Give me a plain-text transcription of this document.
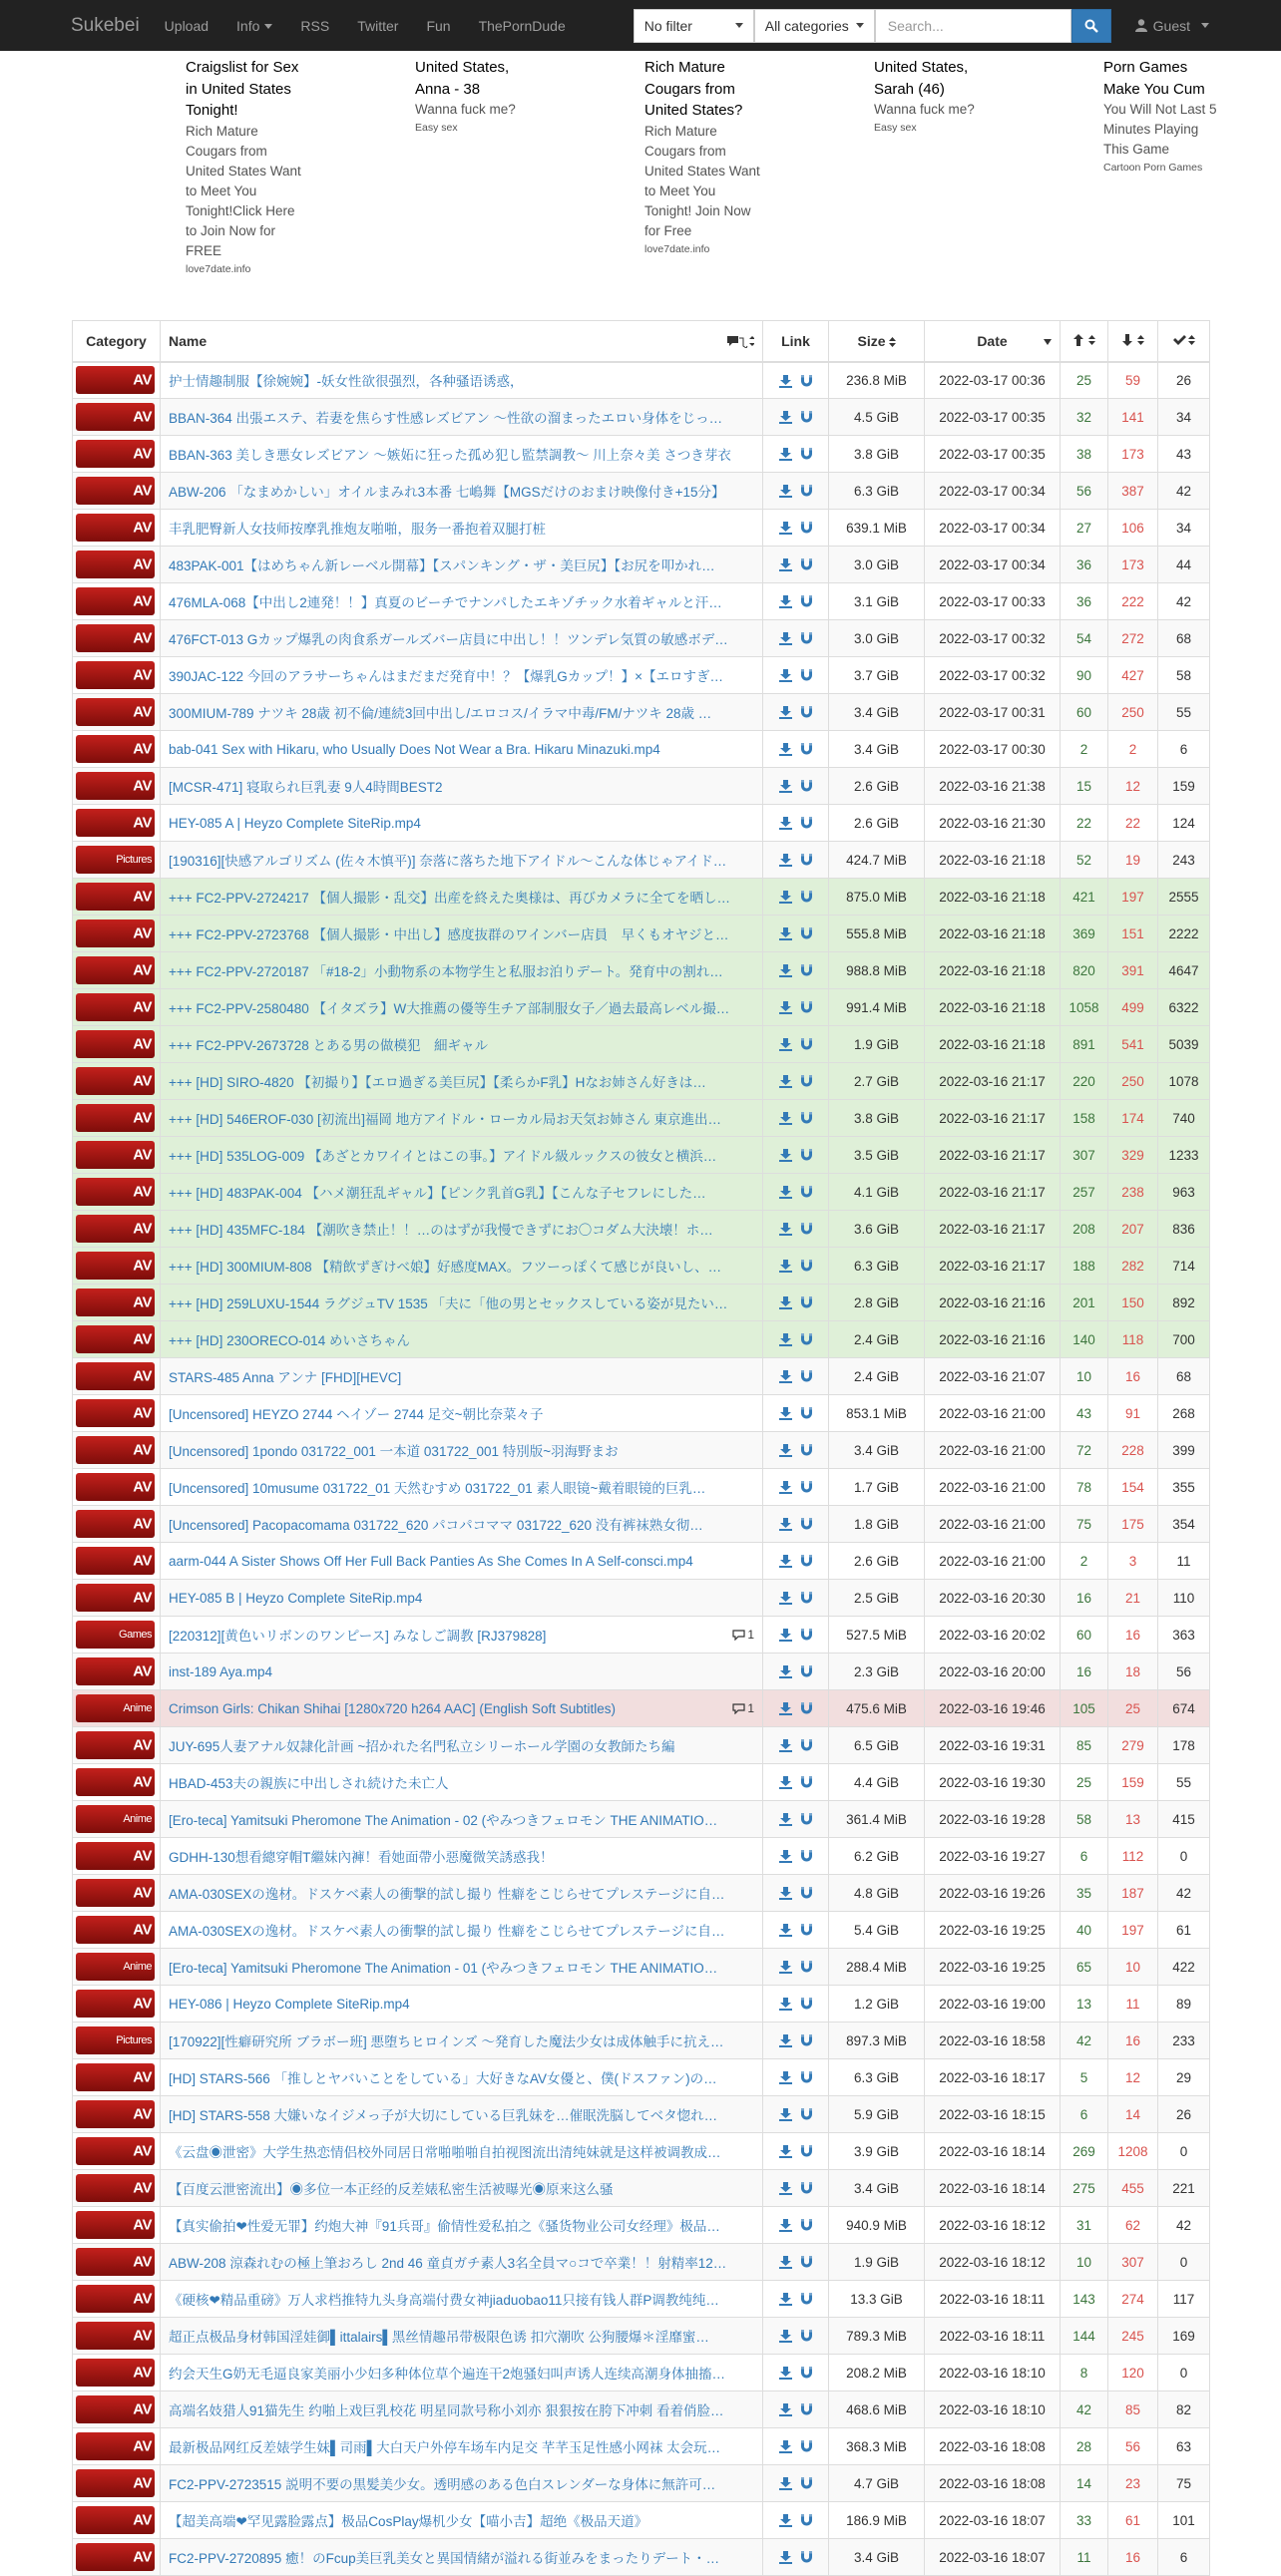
Sukebei Upload Info	RSS Twitter Fun ThePornDude	No filter	All categories	Search...	Guest
Craigslist for Sex in United States Tonight!
Rich Mature Cougars from United States Want to Meet You Tonight!Click Here to Join Now for FREE
love7date.info
United States, Anna - 38
Wanna fuck me?
Easy sex
Rich Mature Cougars from United States?
Rich Mature Cougars from United States Want to Meet You Tonight! Join Now for Free
love7date.info
United States, Sarah (46)
Wanna fuck me?
Easy sex
Porn Games Make You Cum
You Will Not Last 5 Minutes Playing This Game
Cartoon Porn Games
Category	Name	Link	Size	Date

AV	护士情趣制服【徐婉婉】-妖女性欲很强烈，各种骚语诱惑，		236.8 MiB	2022-03-17 00:36	25	59	26

AV	BBAN-364 出張エステ、若妻を焦らす性感レズビアン ～性欲の溜まったエロい身体をじっ…		4.5 GiB	2022-03-17 00:35	32	141	34

AV	BBAN-363 美しき悪女レズビアン ～嫉妬に狂った孤め犯し監禁調教～ 川上奈々美 さつき芽衣		3.8 GiB	2022-03-17 00:35	38	173	43

AV	ABW-206 「なまめかしい」オイルまみれ3本番 七嶋舞【MGSだけのおまけ映像付き+15分】		6.3 GiB	2022-03-17 00:34	56	387	42

AV	丰乳肥臀新人女技师按摩乳推炮友啪啪，服务一番抱着双腿打桩		639.1 MiB	2022-03-17 00:34	27	106	34

AV	483PAK-001【はめちゃん新レーベル開幕】【スパンキング・ザ・美巨尻】【お尻を叩かれ…		3.0 GiB	2022-03-17 00:34	36	173	44

AV	476MLA-068【中出し2連発！！】真夏のビーチでナンパしたエキゾチック水着ギャルと汗…		3.1 GiB	2022-03-17 00:33	36	222	42

AV	476FCT-013 Gカップ爆乳の肉食系ガールズバー店員に中出し！！ツンデレ気質の敏感ボデ…		3.0 GiB	2022-03-17 00:32	54	272	68

AV	390JAC-122 今回のアラサーちゃんはまだまだ発育中！？【爆乳Gカップ！】×【エロすぎ…		3.7 GiB	2022-03-17 00:32	90	427	58

AV	300MIUM-789 ナツキ 28歳 初不倫/連続3回中出し/エロコス/イラマ中毒/FM/ナツキ 28歳 …		3.4 GiB	2022-03-17 00:31	60	250	55

AV	bab-041 Sex with Hikaru, who Usually Does Not Wear a Bra. Hikaru Minazuki.mp4		3.4 GiB	2022-03-17 00:30	2	2	6

AV	[MCSR-471] 寝取られ巨乳妻 9人4時間BEST2		2.6 GiB	2022-03-16 21:38	15	12	159

AV	HEY-085 A | Heyzo Complete SiteRip.mp4		2.6 GiB	2022-03-16 21:30	22	22	124

Pictures	[190316][快感アルゴリズム (佐々木慎平)] 奈落に落ちた地下アイドル～こんな体じゃアイド…		424.7 MiB	2022-03-16 21:18	52	19	243

AV	+++ FC2-PPV-2724217 【個人撮影・乱交】出産を終えた奥様は、再びカメラに全てを晒し…		875.0 MiB	2022-03-16 21:18	421	197	2555

AV	+++ FC2-PPV-2723768 【個人撮影・中出し】感度抜群のワインバー店員　早くもオヤジと…		555.8 MiB	2022-03-16 21:18	369	151	2222

AV	+++ FC2-PPV-2720187 「#18-2」小動物系の本物学生と私服お泊りデート。発育中の割れ…		988.8 MiB	2022-03-16 21:18	820	391	4647

AV	+++ FC2-PPV-2580480 【イタズラ】W大推薦の優等生チア部制服女子／過去最高レベル撮…		991.4 MiB	2022-03-16 21:18	1058	499	6322

AV	+++ FC2-PPV-2673728 とある男の做模犯　細ギャル		1.9 GiB	2022-03-16 21:18	891	541	5039

AV	+++ [HD] SIRO-4820 【初撮り】【エロ過ぎる美巨尻】【柔らかF乳】Hなお姉さん好きは…		2.7 GiB	2022-03-16 21:17	220	250	1078

AV	+++ [HD] 546EROF-030 [初流出]福岡 地方アイドル・ローカル局お天気お姉さん 東京進出…		3.8 GiB	2022-03-16 21:17	158	174	740

AV	+++ [HD] 535LOG-009 【あざとカワイイとはこの事。】アイドル級ルックスの彼女と横浜…		3.5 GiB	2022-03-16 21:17	307	329	1233

AV	+++ [HD] 483PAK-004 【ハメ潮狂乱ギャル】【ピンク乳首G乳】【こんな子セフレにした…		4.1 GiB	2022-03-16 21:17	257	238	963

AV	+++ [HD] 435MFC-184 【潮吹き禁止！！…のはずが我慢できずにお〇コダム大決壊！ホ…		3.6 GiB	2022-03-16 21:17	208	207	836

AV	+++ [HD] 300MIUM-808 【精飲ずぎけべ娘】好感度MAX。フツーっぽくて感じが良いし、…		6.3 GiB	2022-03-16 21:17	188	282	714

AV	+++ [HD] 259LUXU-1544 ラグジュTV 1535 「夫に「他の男とセックスしている姿が見たい…		2.8 GiB	2022-03-16 21:16	201	150	892

AV	+++ [HD] 230ORECO-014 めいさちゃん		2.4 GiB	2022-03-16 21:16	140	118	700

AV	STARS-485 Anna アンナ [FHD][HEVC]		2.4 GiB	2022-03-16 21:07	10	16	68

AV	[Uncensored] HEYZO 2744 ヘイゾー 2744 足交~朝比奈菜々子		853.1 MiB	2022-03-16 21:00	43	91	268

AV	[Uncensored] 1pondo 031722_001 一本道 031722_001 特別版~羽海野まお		3.4 GiB	2022-03-16 21:00	72	228	399

AV	[Uncensored] 10musume 031722_01 天然むすめ 031722_01 素人眼镜~戴着眼镜的巨乳…		1.7 GiB	2022-03-16 21:00	78	154	355

AV	[Uncensored] Pacopacomama 031722_620 パコパコママ 031722_620 没有裤袜熟女彻…		1.8 GiB	2022-03-16 21:00	75	175	354

AV	aarm-044 A Sister Shows Off Her Full Back Panties As She Comes In A Self-consci.mp4		2.6 GiB	2022-03-16 21:00	2	3	11

AV	HEY-085 B | Heyzo Complete SiteRip.mp4		2.5 GiB	2022-03-16 20:30	16	21	110

Games	[220312][黄色いリボンのワンピース] みなしご調教 [RJ379828] 1		527.5 MiB	2022-03-16 20:02	60	16	363

AV	inst-189 Aya.mp4		2.3 GiB	2022-03-16 20:00	16	18	56

Anime	Crimson Girls: Chikan Shihai [1280x720 h264 AAC] (English Soft Subtitles) 1		475.6 MiB	2022-03-16 19:46	105	25	674

AV	JUY-695人妻アナル奴隷化計画 ~招かれた名門私立シリーホール学園の女教師たち編		6.5 GiB	2022-03-16 19:31	85	279	178

AV	HBAD-453夫の親族に中出しされ続けた未亡人		4.4 GiB	2022-03-16 19:30	25	159	55

Anime	[Ero-teca] Yamitsuki Pheromone The Animation - 02 (やみつきフェロモン THE ANIMATIO…		361.4 MiB	2022-03-16 19:28	58	13	415

AV	GDHH-130想看總穿帽T繼妹內褲！看她面帶小惡魔微笑誘惑我！		6.2 GiB	2022-03-16 19:27	6	112	0

AV	AMA-030SEXの逸材。ドスケベ素人の衝撃的試し撮り 性癖をこじらせてプレステージに自…		4.8 GiB	2022-03-16 19:26	35	187	42

AV	AMA-030SEXの逸材。ドスケベ素人の衝撃的試し撮り 性癖をこじらせてプレステージに自…		5.4 GiB	2022-03-16 19:25	40	197	61

Anime	[Ero-teca] Yamitsuki Pheromone The Animation - 01 (やみつきフェロモン THE ANIMATIO…		288.4 MiB	2022-03-16 19:25	65	10	422

AV	HEY-086 | Heyzo Complete SiteRip.mp4		1.2 GiB	2022-03-16 19:00	13	11	89

Pictures	[170922][性癖研究所 ブラボー班] 悪堕ちヒロインズ ～発育した魔法少女は成体触手に抗え…		897.3 MiB	2022-03-16 18:58	42	16	233

AV	[HD] STARS-566 「推しとヤバいことをしている」大好きなAV女優と、僕(ドスファン)の…		6.3 GiB	2022-03-16 18:17	5	12	29

AV	[HD] STARS-558 大嫌いなイジメっ子が大切にしている巨乳妹を…催眠洗脳してベタ惚れ…		5.9 GiB	2022-03-16 18:15	6	14	26

AV	《云盘◉泄密》大学生热恋情侣校外同居日常啪啪啪自拍视图流出清纯妹就是这样被调教成…		3.9 GiB	2022-03-16 18:14	269	1208	0

AV	【百度云泄密流出】◉多位一本正经的反差婊私密生活被曝光◉原来这么骚		3.4 GiB	2022-03-16 18:14	275	455	221

AV	【真实偷拍❤性爱无罪】约炮大神『91兵哥』偷情性爱私拍之《骚货物业公司女经理》极品…		940.9 MiB	2022-03-16 18:12	31	62	42

AV	ABW-208 涼森れむの極上筆おろし 2nd 46 童貞ガチ素人3名全員マ○コで卒業！！射精率12…		1.9 GiB	2022-03-16 18:12	10	307	0

AV	《硬核❤精品重磅》万人求档推特九头身高端付费女神jiaduobao11只接有钱人群P调教纯纯…		13.3 GiB	2022-03-16 18:11	143	274	117

AV	超正点极品身材韩国淫娃御▌ittalairs▌黑丝情趣吊带极限色诱 扣穴潮吹 公狗腰爆＊淫靡蜜…		789.3 MiB	2022-03-16 18:11	144	245	169

AV	约会天生G奶无毛逼良家美丽小少妇多种体位草个遍连干2炮骚妇叫声诱人连续高潮身体抽搐…		208.2 MiB	2022-03-16 18:10	8	120	0

AV	高端名妓猎人91猫先生 约啪上戏巨乳校花 明星同款号称小刘亦 狠狠按在胯下冲刺 看着俏脸…		468.6 MiB	2022-03-16 18:10	42	85	82

AV	最新极品网红反差婊学生妹▌司雨▌大白天户外停车场车内足交 芊芊玉足性感小网袜 太会玩…		368.3 MiB	2022-03-16 18:08	28	56	63

AV	FC2-PPV-2723515 説明不要の黒髪美少女。透明感のある色白スレンダーな身体に無許可…		4.7 GiB	2022-03-16 18:08	14	23	75

AV	【超美高端❤罕见露脸露点】极品CosPlay爆机少女【喵小吉】超绝《极品天道》		186.9 MiB	2022-03-16 18:07	33	61	101

AV	FC2-PPV-2720895 癒！のFcup美巨乳美女と異国情緒が溢れる街並みをまったりデート・…		3.4 GiB	2022-03-16 18:07	11	16	6
